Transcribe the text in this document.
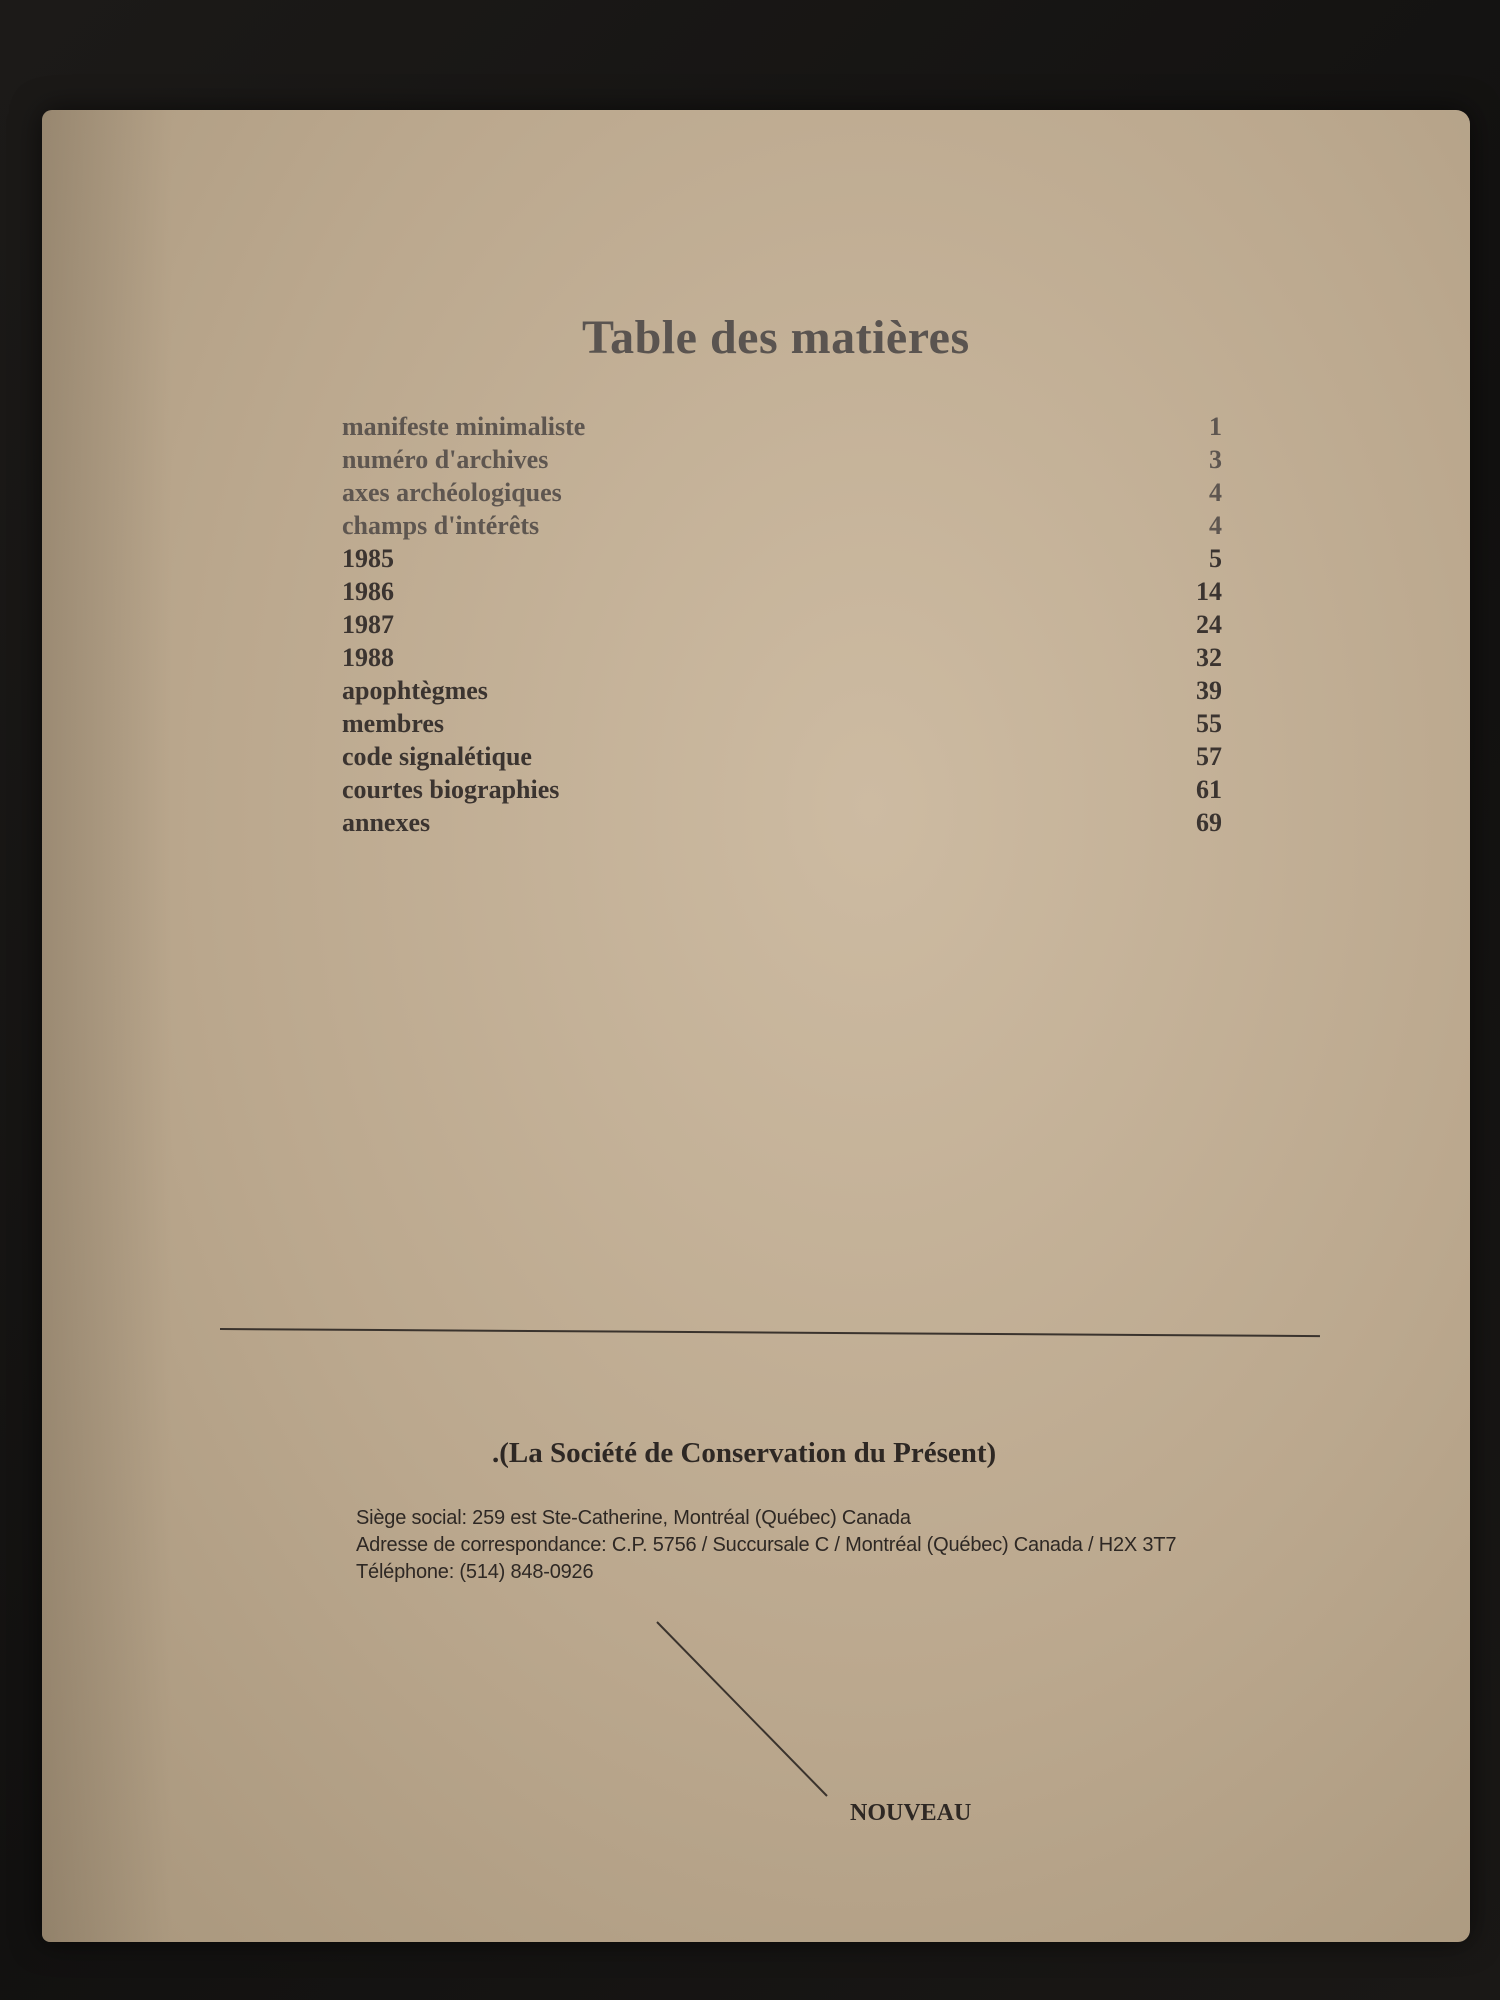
Table des matières
manifeste minimaliste	1
numéro d'archives	3
axes archéologiques	4
champs d'intérêts	4
1985	5
1986	14
1987	24
1988	32
apophtègmes	39
membres	55
code signalétique	57
courtes biographies	61
annexes	69
.(La Société de Conservation du Présent)
Siège social: 259 est Ste-Catherine, Montréal (Québec) Canada
Adresse de correspondance: C.P. 5756 / Succursale C / Montréal (Québec) Canada / H2X 3T7
Téléphone: (514) 848-0926
NOUVEAU
